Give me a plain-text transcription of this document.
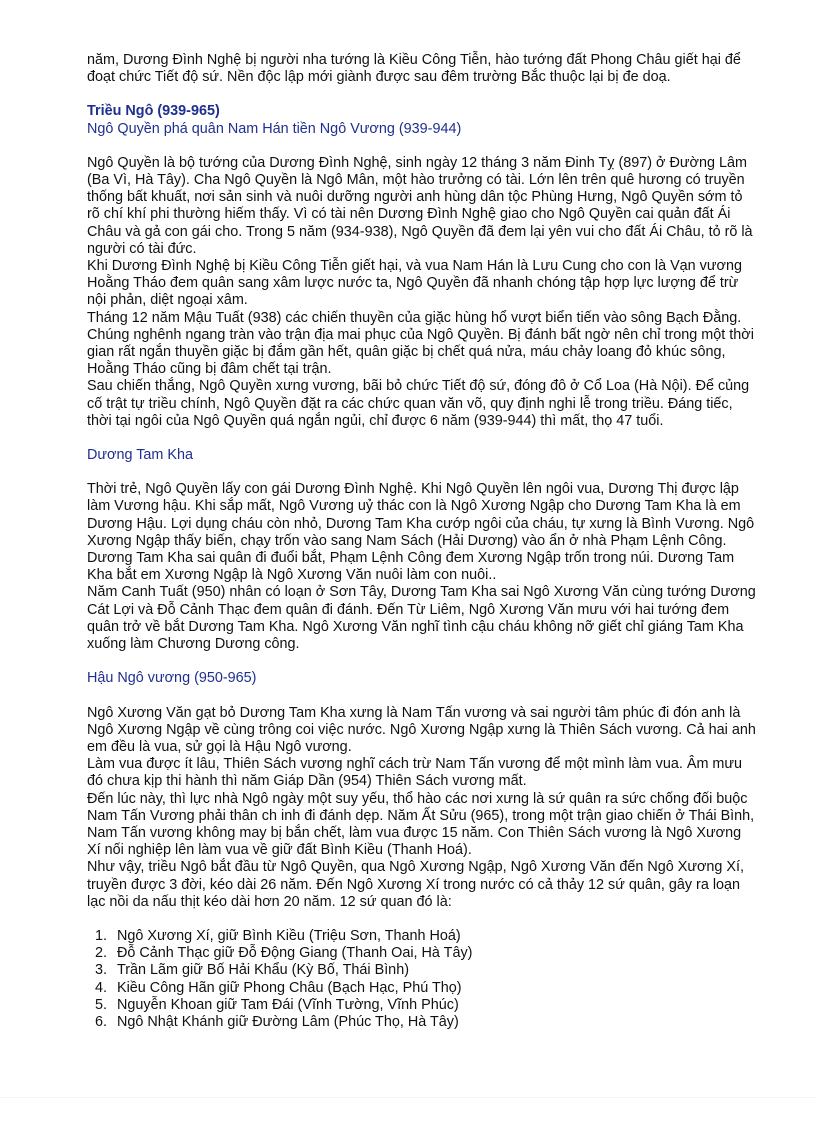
năm, Dương Đình Nghệ bị người nha tướng là Kiều Công Tiễn, hào tướng đất Phong Châu giết hại để đoạt chức Tiết độ sứ. Nền độc lập mới giành được sau đêm trường Bắc thuộc lại bị đe doạ.

Triều Ngô (939-965)

Ngô Quyền phá quân Nam Hán tiền Ngô Vương (939-944)

Ngô Quyền là bộ tướng của Dương Đình Nghệ, sinh ngày 12 tháng 3 năm Đinh Tỵ (897) ở Đường Lâm (Ba Vì, Hà Tây). Cha Ngô Quyền là Ngô Mân, một hào trưởng có tài. Lớn lên trên quê hương có truyền thống bất khuất, nơi sản sinh và nuôi dưỡng người anh hùng dân tộc Phùng Hưng, Ngô Quyền sớm tỏ rõ chí khí phi thường hiếm thấy. Vì có tài nên Dương Đình Nghệ giao cho Ngô Quyền cai quản đất Ái Châu và gả con gái cho. Trong 5 năm (934-938), Ngô Quyền đã đem lại yên vui cho đất Ái Châu, tỏ rõ là người có tài đức.

Khi Dương Đình Nghệ bị Kiều Công Tiễn giết hại, và vua Nam Hán là Lưu Cung cho con là Vạn vương Hoằng Tháo đem quân sang xâm lược nước ta, Ngô Quyền đã nhanh chóng tập hợp lực lượng để trừ nội phản, diệt ngoại xâm.

Tháng 12 năm Mậu Tuất (938) các chiến thuyền của giặc hùng hổ vượt biển tiến vào sông Bạch Đằng. Chúng nghênh ngang tràn vào trận địa mai phục của Ngô Quyền. Bị đánh bất ngờ nên chỉ trong một thời gian rất ngắn thuyền giặc bị đắm gần hết, quân giặc bị chết quá nửa, máu chảy loang đỏ khúc sông, Hoằng Tháo cũng bị đâm chết tại trận.

Sau chiến thắng, Ngô Quyền xưng vương, bãi bỏ chức Tiết độ sứ, đóng đô ở Cổ Loa (Hà Nội). Để củng cố trật tự triều chính, Ngô Quyền đặt ra các chức quan văn võ, quy định nghi lễ trong triều. Đáng tiếc, thời tại ngôi của Ngô Quyền quá ngắn ngủi, chỉ được 6 năm (939-944) thì mất, thọ 47 tuổi.

Dương Tam Kha

Thời trẻ, Ngô Quyền lấy con gái Dương Đình Nghệ. Khi Ngô Quyền lên ngôi vua, Dương Thị được lập làm Vương hậu. Khi sắp mất, Ngô Vương uỷ thác con là Ngô Xương Ngập cho Dương Tam Kha là em Dương Hậu. Lợi dụng cháu còn nhỏ, Dương Tam Kha cướp ngôi của cháu, tự xưng là Bình Vương. Ngô Xương Ngập thấy biến, chạy trốn vào sang Nam Sách (Hải Dương) vào ẩn ở nhà Phạm Lệnh Công. Dương Tam Kha sai quân đi đuổi bắt, Phạm Lệnh Công đem Xương Ngập trốn trong núi. Dương Tam Kha bắt em Xương Ngập là Ngô Xương Văn nuôi làm con nuôi..

Năm Canh Tuất (950) nhân có loạn ở Sơn Tây, Dương Tam Kha sai Ngô Xương Văn cùng tướng Dương Cát Lợi và Đỗ Cảnh Thạc đem quân đi đánh. Đến Từ Liêm, Ngô Xương Văn mưu với hai tướng đem quân trở về bắt Dương Tam Kha. Ngô Xương Văn nghĩ tình cậu cháu không nỡ giết chỉ giáng Tam Kha xuống làm Chương Dương công.

Hậu Ngô vương (950-965)

Ngô Xương Văn gạt bỏ Dương Tam Kha xưng là Nam Tấn vương và sai người tâm phúc đi đón anh là Ngô Xương Ngập về cùng trông coi việc nước. Ngô Xương Ngập xưng là Thiên Sách vương. Cả hai anh em đều là vua, sử gọi là Hậu Ngô vương.

Làm vua được ít lâu, Thiên Sách vương nghĩ cách trừ Nam Tấn vương để một mình làm vua. Âm mưu đó chưa kịp thi hành thì năm Giáp Dần (954) Thiên Sách vương mất.

Đến lúc này, thì lực nhà Ngô ngày một suy yếu, thổ hào các nơi xưng là sứ quân ra sức chống đối buộc Nam Tấn Vương phải thân ch inh đi đánh dẹp. Năm Ất Sửu (965), trong một trận giao chiến ở Thái Bình, Nam Tấn vương không may bị bắn chết, làm vua được 15 năm. Con Thiên Sách vương là Ngô Xương Xí nối nghiệp lên làm vua về giữ đất Bình Kiều (Thanh Hoá).

Như vậy, triều Ngô bắt đầu từ Ngô Quyền, qua Ngô Xương Ngập, Ngô Xương Văn đến Ngô Xương Xí, truyền được 3 đời, kéo dài 26 năm. Đến Ngô Xương Xí trong nước có cả thảy 12 sứ quân, gây ra loạn lạc nồi da nấu thịt kéo dài hơn 20 năm. 12 sứ quan đó là:

1. Ngô Xương Xí, giữ Bình Kiều (Triệu Sơn, Thanh Hoá)
2. Đỗ Cảnh Thạc giữ Đỗ Động Giang (Thanh Oai, Hà Tây)
3. Trần Lãm giữ Bố Hải Khẩu (Kỳ Bố, Thái Bình)
4. Kiều Công Hãn giữ Phong Châu (Bạch Hạc, Phú Thọ)
5. Nguyễn Khoan giữ Tam Đái (Vĩnh Tường, Vĩnh Phúc)
6. Ngô Nhật Khánh giữ Đường Lâm (Phúc Thọ, Hà Tây)
